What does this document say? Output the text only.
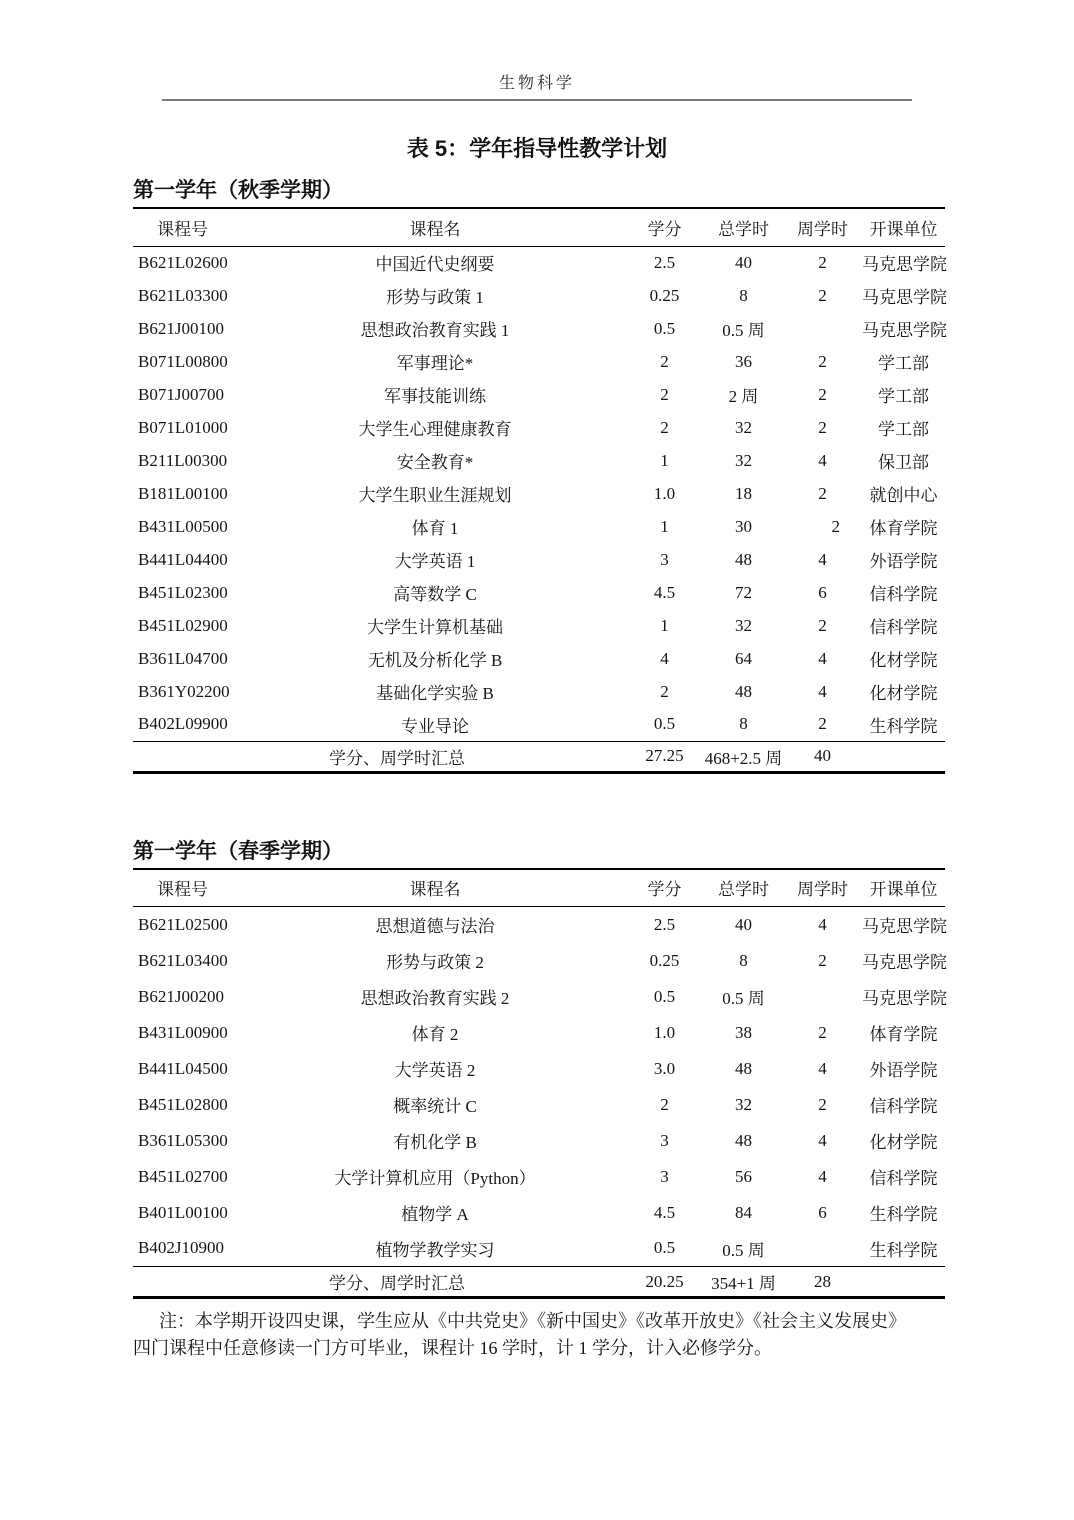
生物科学
表 5：学年指导性教学计划
第一学年（秋季学期）
课程号	课程名	学分	总学时	周学时	开课单位
B621L02600	中国近代史纲要	2.5	40	2	马克思学院
B621L03300	形势与政策 1	0.25	8	2	马克思学院
B621J00100	思想政治教育实践 1	0.5	0.5 周		马克思学院
B071L00800	军事理论*	2	36	2	学工部
B071J00700	军事技能训练	2	2 周	2	学工部
B071L01000	大学生心理健康教育	2	32	2	学工部
B211L00300	安全教育*	1	32	4	保卫部
B181L00100	大学生职业生涯规划	1.0	18	2	就创中心
B431L00500	体育 1	1	30	2	体育学院
B441L04400	大学英语 1	3	48	4	外语学院
B451L02300	高等数学 C	4.5	72	6	信科学院
B451L02900	大学生计算机基础	1	32	2	信科学院
B361L04700	无机及分析化学 B	4	64	4	化材学院
B361Y02200	基础化学实验 B	2	48	4	化材学院
B402L09900	专业导论	0.5	8	2	生科学院
学分、周学时汇总		27.25	468+2.5 周	40	
第一学年（春季学期）
课程号	课程名	学分	总学时	周学时	开课单位
B621L02500	思想道德与法治	2.5	40	4	马克思学院
B621L03400	形势与政策 2	0.25	8	2	马克思学院
B621J00200	思想政治教育实践 2	0.5	0.5 周		马克思学院
B431L00900	体育 2	1.0	38	2	体育学院
B441L04500	大学英语 2	3.0	48	4	外语学院
B451L02800	概率统计 C	2	32	2	信科学院
B361L05300	有机化学 B	3	48	4	化材学院
B451L02700	大学计算机应用（Python）	3	56	4	信科学院
B401L00100	植物学 A	4.5	84	6	生科学院
B402J10900	植物学教学实习	0.5	0.5 周		生科学院
学分、周学时汇总		20.25	354+1 周	28	
注：本学期开设四史课，学生应从《中共党史》《新中国史》《改革开放史》《社会主义发展史》
四门课程中任意修读一门方可毕业，课程计 16 学时，计 1 学分，计入必修学分。
